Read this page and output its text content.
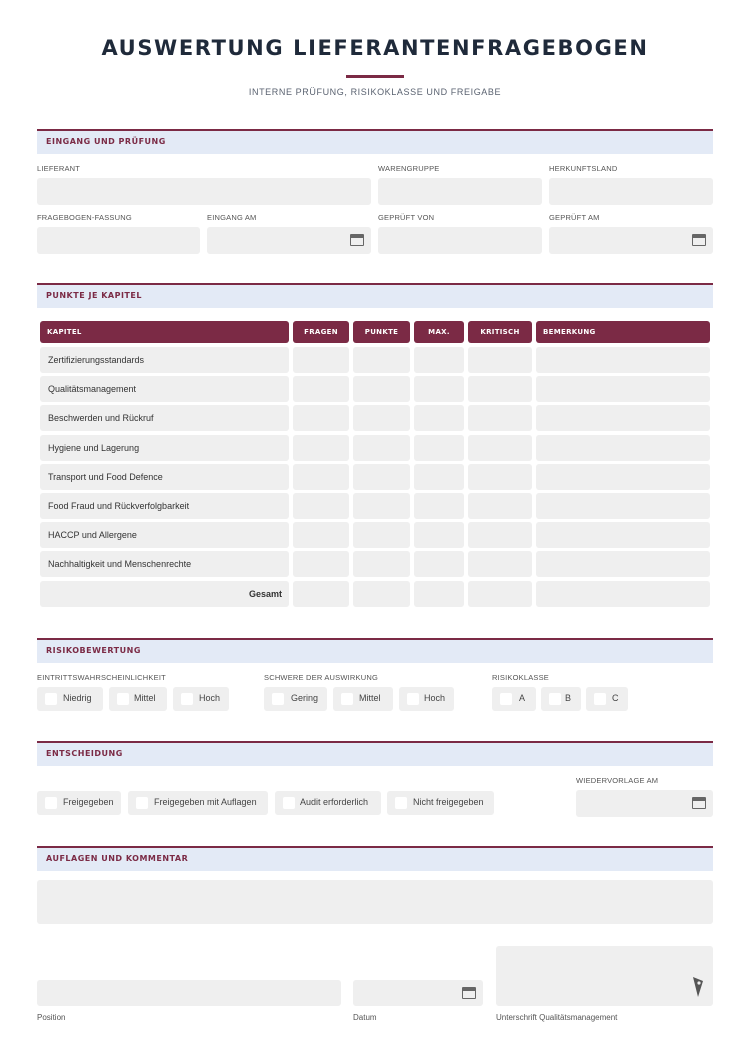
AUSWERTUNG LIEFERANTENFRAGEBOGEN
INTERNE PRÜFUNG, RISIKOKLASSE UND FREIGABE
EINGANG UND PRÜFUNG
LIEFERANT	WARENGRUPPE	HERKUNFTSLAND
FRAGEBOGEN-FASSUNG	EINGANG AM	GEPRÜFT VON	GEPRÜFT AM
PUNKTE JE KAPITEL
KAPITEL	FRAGEN	PUNKTE	MAX.	KRITISCH	BEMERKUNG
Zertifizierungsstandards
Qualitätsmanagement
Beschwerden und Rückruf
Hygiene und Lagerung
Transport und Food Defence
Food Fraud und Rückverfolgbarkeit
HACCP und Allergene
Nachhaltigkeit und Menschenrechte
Gesamt
RISIKOBEWERTUNG
EINTRITTSWAHRSCHEINLICHKEIT	SCHWERE DER AUSWIRKUNG	RISIKOKLASSE
Niedrig	Mittel	Hoch	Gering	Mittel	Hoch	A	B	C
ENTSCHEIDUNG
WIEDERVORLAGE AM
Freigegeben	Freigegeben mit Auflagen	Audit erforderlich	Nicht freigegeben
AUFLAGEN UND KOMMENTAR
Position	Datum	Unterschrift Qualitätsmanagement
